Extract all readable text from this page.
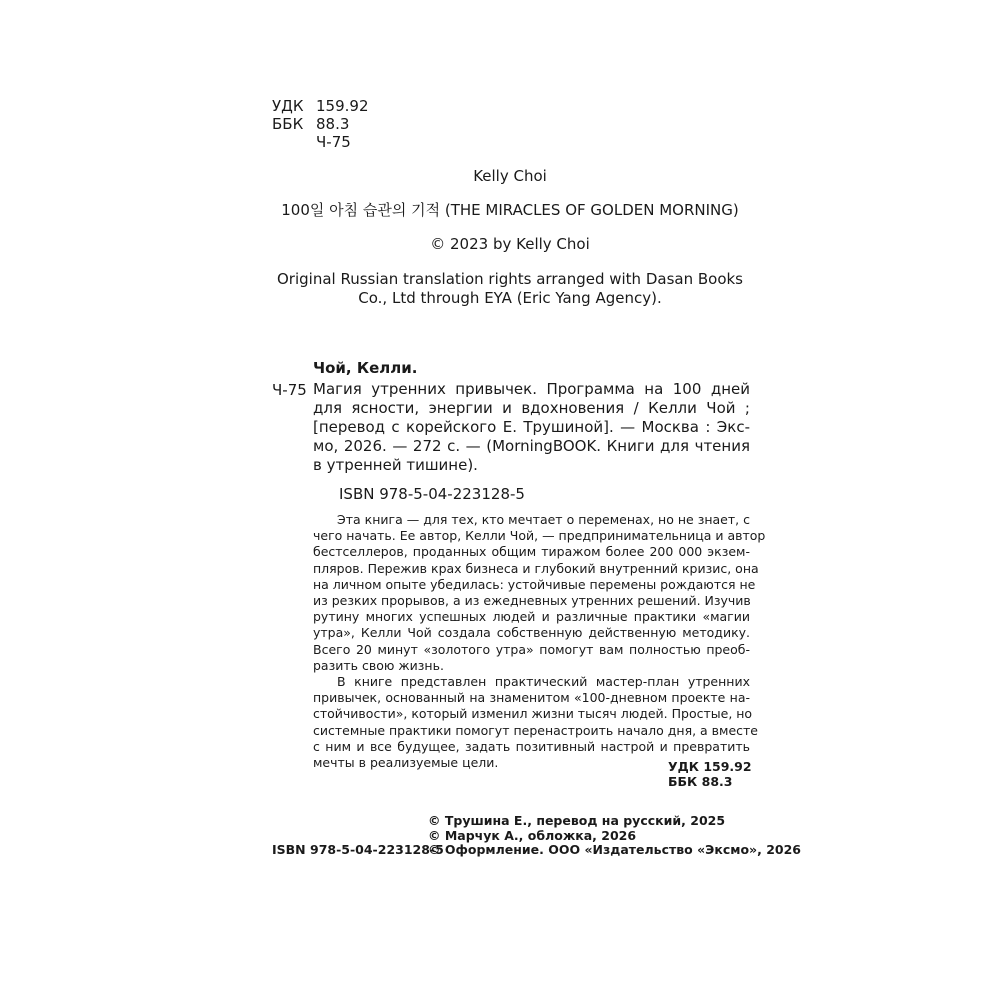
УДК 159.92
ББК 88.3
Ч-75
Kelly Choi
100일 아침 습관의 기적 (THE MIRACLES OF GOLDEN MORNING)
© 2023 by Kelly Choi
Original Russian translation rights arranged with Dasan Books
Co., Ltd through EYA (Eric Yang Agency).
Чой, Келли.
Ч-75 Магия утренних привычек. Программа на 100 дней
для ясности, энергии и вдохновения / Келли Чой ;
[перевод с корейского Е. Трушиной]. — Москва : Экс-
мо, 2026. — 272 с. — (MorningBOOK. Книги для чтения
в утренней тишине).
ISBN 978-5-04-223128-5
Эта книга — для тех, кто мечтает о переменах, но не знает, с
чего начать. Ее автор, Келли Чой, — предпринимательница и автор
бестселлеров, проданных общим тиражом более 200 000 экзем-
пляров. Пережив крах бизнеса и глубокий внутренний кризис, она
на личном опыте убедилась: устойчивые перемены рождаются не
из резких прорывов, а из ежедневных утренних решений. Изучив
рутину многих успешных людей и различные практики «магии
утра», Келли Чой создала собственную действенную методику.
Всего 20 минут «золотого утра» помогут вам полностью преоб-
разить свою жизнь.
В книге представлен практический мастер-план утренних
привычек, основанный на знаменитом «100-дневном проекте на-
стойчивости», который изменил жизни тысяч людей. Простые, но
системные практики помогут перенастроить начало дня, а вместе
с ним и все будущее, задать позитивный настрой и превратить
мечты в реализуемые цели.	УДК 159.92
ББК 88.3
© Трушина Е., перевод на русский, 2025
© Марчук А., обложка, 2026
© Оформление. ООО «Издательство «Эксмо», 2026
ISBN 978-5-04-223128-5
